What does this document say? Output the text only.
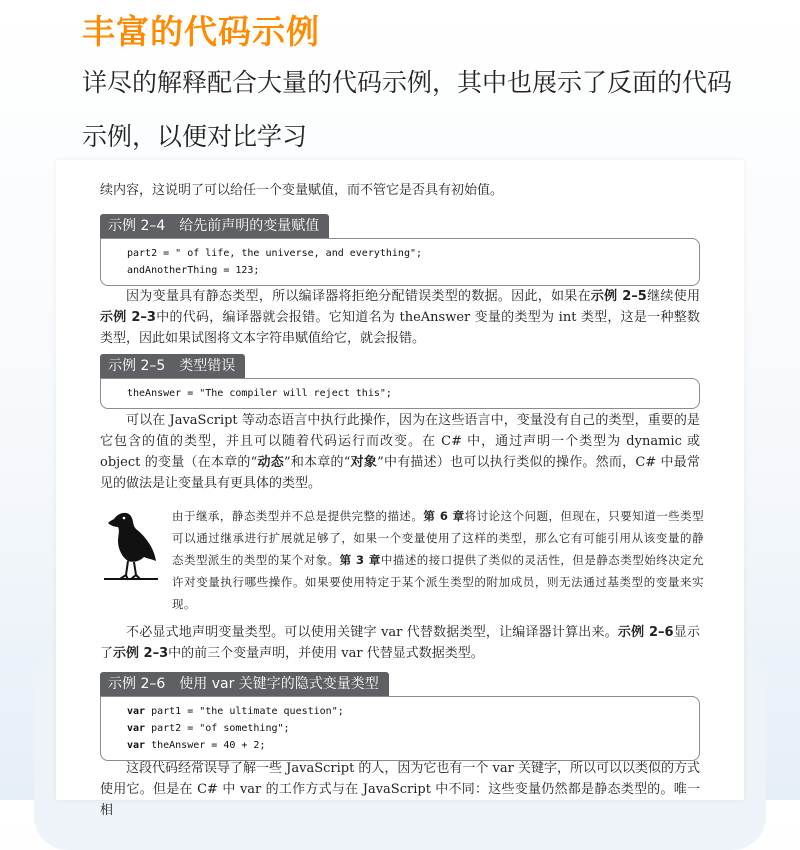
丰富的代码示例

详尽的解释配合大量的代码示例，其中也展示了反面的代码示例，以便对比学习

续内容，这说明了可以给任一个变量赋值，而不管它是否具有初始值。

示例 2–4 给先前声明的变量赋值
part2 = " of life, the universe, and everything";
andAnotherThing = 123;

因为变量具有静态类型，所以编译器将拒绝分配错误类型的数据。因此，如果在示例 2–5继续使用示例 2–3中的代码，编译器就会报错。它知道名为 theAnswer 变量的类型为 int 类型，这是一种整数类型，因此如果试图将文本字符串赋值给它，就会报错。

示例 2–5 类型错误
theAnswer = "The compiler will reject this";

可以在 JavaScript 等动态语言中执行此操作，因为在这些语言中，变量没有自己的类型，重要的是它包含的值的类型，并且可以随着代码运行而改变。在 C# 中，通过声明一个类型为 dynamic 或 object 的变量（在本章的“动态”和本章的“对象”中有描述）也可以执行类似的操作。然而，C# 中最常见的做法是让变量具有更具体的类型。

由于继承，静态类型并不总是提供完整的描述。第 6 章将讨论这个问题，但现在，只要知道一些类型可以通过继承进行扩展就足够了，如果一个变量使用了这样的类型，那么它有可能引用从该变量的静态类型派生的类型的某个对象。第 3 章中描述的接口提供了类似的灵活性，但是静态类型始终决定允许对变量执行哪些操作。如果要使用特定于某个派生类型的附加成员，则无法通过基类型的变量来实现。

不必显式地声明变量类型。可以使用关键字 var 代替数据类型，让编译器计算出来。示例 2–6显示了示例 2–3中的前三个变量声明，并使用 var 代替显式数据类型。

示例 2–6 使用 var 关键字的隐式变量类型
var part1 = "the ultimate question";
var part2 = "of something";
var theAnswer = 40 + 2;

这段代码经常误导了解一些 JavaScript 的人，因为它也有一个 var 关键字，所以可以以类似的方式使用它。但是在 C# 中 var 的工作方式与在 JavaScript 中不同：这些变量仍然都是静态类型的。唯一相
